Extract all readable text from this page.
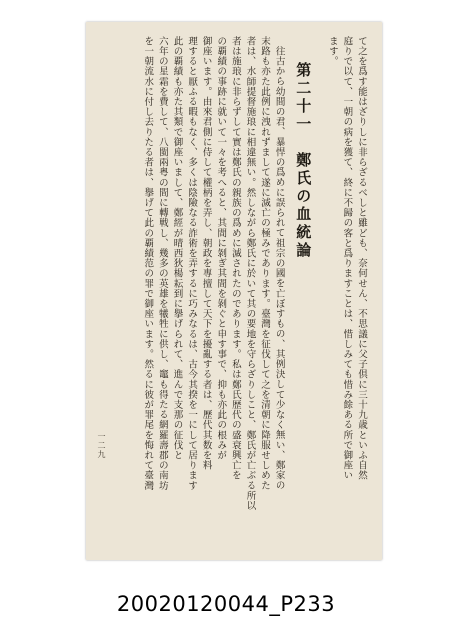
て之を爲す能はざりしに非らざるべしと雖ども、奈何せん、不思議に父子倶に三十九歳といふ自然
庭りで以て、一朝の病を獲て、終に不歸の客と爲りますことは、惜しみても惜み餘ある所で御座い
ます。
第二十一　鄭氏の血統論
往古から幼間の君、暴悍の爲めに誤られて祖宗の國を亡ぼすもの、其例決して少なく無い、鄭家の
末路も亦た此例に洩れずまして遂に滅亡の極みであります。臺灣を征伐して之を清朝に降服せしめた
者は、水師提督施琅に相違無い。然しながら鄭氏に於いて其の要地を守らざりしこと、鄭氏が亡ぶる所以
者は施琅に非らずして實は鄭氏の親族の爲めに滅されたのであります。私は鄭氏歴代の盛衰興亡を
の覇績の事跡に就いて一々を考へると、其間に剝ぎ其間を剝ぐと申す事で、抑も亦此の根みが
御座います。由來君側に侍して權柄を弄し、朝政を專擅して天下を擾亂する者は、歷代其数を料
理すると厭ふる暇もなく、多くは陰險なる詐術を弄するに巧みなるは、古今其揆を一にして居ります
此の覇績も亦た其類で御座いまして、鄭經が晴西狄楊耘到に擧げられて、進んで支那の征伐と
六年の星霜を費して、八閩兩粤の間に轉戦し、幾多の英雄を犧牲に供し、竈も得たる網羅壽郡の南坊
を一朝流水に付し去りたる者は、擧げて此の覇績范の罪で御座います。然るに彼が罪尾を悔れて臺灣
一二九
20020120044_P233
